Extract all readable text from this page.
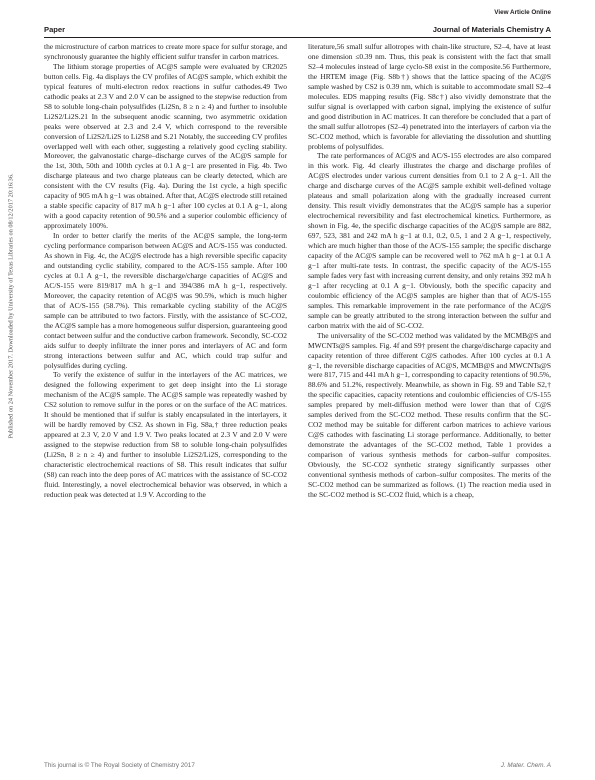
View Article Online
Paper	Journal of Materials Chemistry A
Published on 24 November 2017. Downloaded by University of Texas Libraries on 08/12/2017 20:16:36.

the microstructure of carbon matrices to create more space for sulfur storage, and synchronously guarantee the highly efficient sulfur transfer in carbon matrices.

The lithium storage properties of AC@S sample were evaluated by CR2025 button cells. Fig. 4a displays the CV profiles of AC@S sample, which exhibit the typical features of multi-electron redox reactions in sulfur cathodes.49 Two cathodic peaks at 2.3 V and 2.0 V can be assigned to the stepwise reduction from S8 to soluble long-chain polysulfides (Li2Sn, 8 ≥ n ≥ 4) and further to insoluble Li2S2/Li2S.21 In the subsequent anodic scanning, two asymmetric oxidation peaks were observed at 2.3 and 2.4 V, which correspond to the reversible conversion of Li2S2/Li2S to Li2S8 and S.21 Notably, the succeeding CV profiles overlapped well with each other, suggesting a relatively good cycling stability. Moreover, the galvanostatic charge–discharge curves of the AC@S sample for the 1st, 30th, 50th and 100th cycles at 0.1 A g−1 are presented in Fig. 4b. Two discharge plateaus and two charge plateaus can be clearly detected, which are consistent with the CV results (Fig. 4a). During the 1st cycle, a high specific capacity of 905 mA h g−1 was obtained. After that, AC@S electrode still retained a stable specific capacity of 817 mA h g−1 after 100 cycles at 0.1 A g−1, along with a good capacity retention of 90.5% and a superior coulombic efficiency of approximately 100%.

In order to better clarify the merits of the AC@S sample, the long-term cycling performance comparison between AC@S and AC/S-155 was conducted. As shown in Fig. 4c, the AC@S electrode has a high reversible specific capacity and outstanding cyclic stability, compared to the AC/S-155 sample. After 100 cycles at 0.1 A g−1, the reversible discharge/charge capacities of AC@S and AC/S-155 were 819/817 mA h g−1 and 394/386 mA h g−1, respectively. Moreover, the capacity retention of AC@S was 90.5%, which is much higher that of AC/S-155 (58.7%). This remarkable cycling stability of the AC@S sample can be attributed to two factors. Firstly, with the assistance of SC-CO2, the AC@S sample has a more homogeneous sulfur dispersion, guaranteeing good contact between sulfur and the conductive carbon framework. Secondly, SC-CO2 aids sulfur to deeply infiltrate the inner pores and interlayers of AC and form strong interactions between sulfur and AC, which could trap sulfur and polysulfides during cycling.

To verify the existence of sulfur in the interlayers of the AC matrices, we designed the following experiment to get deep insight into the Li storage mechanism of the AC@S sample. The AC@S sample was repeatedly washed by CS2 solution to remove sulfur in the pores or on the surface of the AC matrices. It should be mentioned that if sulfur is stably encapsulated in the interlayers, it will be hardly removed by CS2. As shown in Fig. S8a,† three reduction peaks appeared at 2.3 V, 2.0 V and 1.9 V. Two peaks located at 2.3 V and 2.0 V were assigned to the stepwise reduction from S8 to soluble long-chain polysulfides (Li2Sn, 8 ≥ n ≥ 4) and further to insoluble Li2S2/Li2S, corresponding to the characteristic electrochemical reactions of S8. This result indicates that sulfur (S8) can reach into the deep pores of AC matrices with the assistance of SC-CO2 fluid. Interestingly, a novel electrochemical behavior was observed, in which a reduction peak was detected at 1.9 V. According to the

literature,56 small sulfur allotropes with chain-like structure, S2–4, have at least one dimension ≤0.39 nm. Thus, this peak is consistent with the fact that small S2–4 molecules instead of large cyclo-S8 exist in the composite.56 Furthermore, the HRTEM image (Fig. S8b†) shows that the lattice spacing of the AC@S sample washed by CS2 is 0.39 nm, which is suitable to accommodate small S2–4 molecules. EDS mapping results (Fig. S8c†) also vividly demonstrate that the sulfur signal is overlapped with carbon signal, implying the existence of sulfur and good distribution in AC matrices. It can therefore be concluded that a part of the small sulfur allotropes (S2–4) penetrated into the interlayers of carbon via the SC-CO2 method, which is favorable for alleviating the dissolution and shuttling problems of polysulfides.

The rate performances of AC@S and AC/S-155 electrodes are also compared in this work. Fig. 4d clearly illustrates the charge and discharge profiles of AC@S electrodes under various current densities from 0.1 to 2 A g−1. All the charge and discharge curves of the AC@S sample exhibit well-defined voltage plateaus and small polarization along with the gradually increased current density. This result vividly demonstrates that the AC@S sample has a superior electrochemical reversibility and fast electrochemical kinetics. Furthermore, as shown in Fig. 4e, the specific discharge capacities of the AC@S sample are 882, 697, 523, 381 and 242 mA h g−1 at 0.1, 0.2, 0.5, 1 and 2 A g−1, respectively, which are much higher than those of the AC/S-155 sample; the specific discharge capacity of the AC@S sample can be recovered well to 762 mA h g−1 at 0.1 A g−1 after multi-rate tests. In contrast, the specific capacity of the AC/S-155 sample fades very fast with increasing current density, and only retains 392 mA h g−1 after recycling at 0.1 A g−1. Obviously, both the specific capacity and coulombic efficiency of the AC@S samples are higher than that of AC/S-155 samples. This remarkable improvement in the rate performance of the AC@S sample can be greatly attributed to the strong interaction between the sulfur and carbon matrix with the aid of SC-CO2.

The universality of the SC-CO2 method was validated by the MCMB@S and MWCNTs@S samples. Fig. 4f and S9† present the charge/discharge capacity and capacity retention of three different C@S cathodes. After 100 cycles at 0.1 A g−1, the reversible discharge capacities of AC@S, MCMB@S and MWCNTs@S were 817, 715 and 441 mA h g−1, corresponding to capacity retentions of 90.5%, 88.6% and 51.2%, respectively. Meanwhile, as shown in Fig. S9 and Table S2,† the specific capacities, capacity retentions and coulombic efficiencies of C/S-155 samples prepared by melt-diffusion method were lower than that of C@S samples derived from the SC-CO2 method. These results confirm that the SC-CO2 method may be suitable for different carbon matrices to achieve various C@S cathodes with fascinating Li storage performance. Additionally, to better demonstrate the advantages of the SC-CO2 method, Table 1 provides a comparison of various synthesis methods for carbon–sulfur composites. Obviously, the SC-CO2 synthetic strategy significantly surpasses other conventional synthesis methods of carbon–sulfur composites. The merits of the SC-CO2 method can be summarized as follows. (1) The reaction media used in the SC-CO2 method is SC-CO2 fluid, which is a cheap,

This journal is © The Royal Society of Chemistry 2017	J. Mater. Chem. A
